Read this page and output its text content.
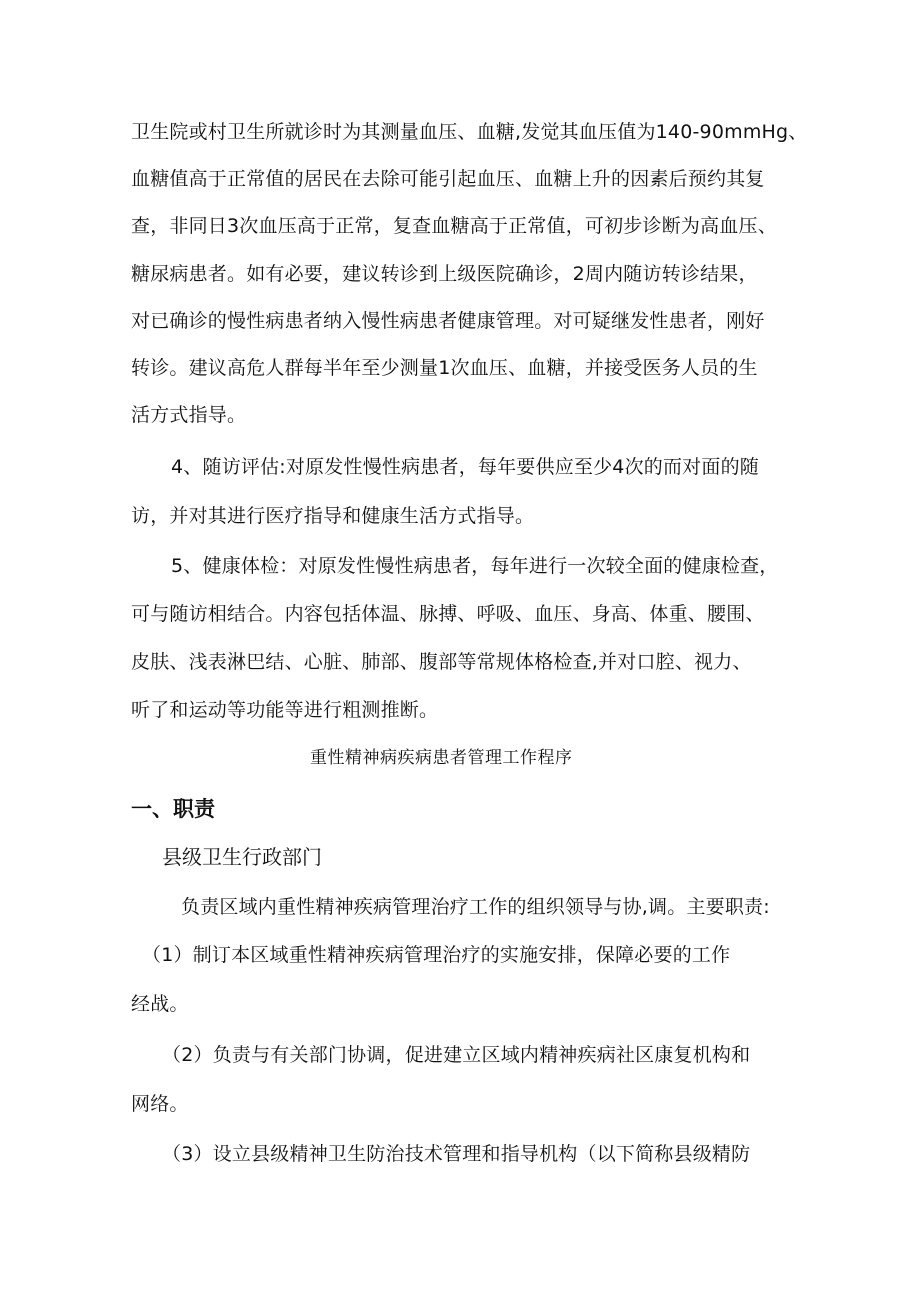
卫生院或村卫生所就诊时为其测量血压、血糖,发觉其血压值为140-90mmHg、
血糖值高于正常值的居民在去除可能引起血压、血糖上升的因素后预约其复
查，非同日3次血压高于正常，复查血糖高于正常值，可初步诊断为高血压、
糖尿病患者。如有必要，建议转诊到上级医院确诊，2周内随访转诊结果，
对已确诊的慢性病患者纳入慢性病患者健康管理。对可疑继发性患者，刚好
转诊。建议高危人群每半年至少测量1次血压、血糖，并接受医务人员的生
活方式指导。
4、随访评估:对原发性慢性病患者，每年要供应至少4次的而对面的随
访，并对其进行医疗指导和健康生活方式指导。
5、健康体检：对原发性慢性病患者，每年进行一次较全面的健康检查，
可与随访相结合。内容包括体温、脉搏、呼吸、血压、身高、体重、腰围、
皮肤、浅表淋巴结、心脏、肺部、腹部等常规体格检查,并对口腔、视力、
听了和运动等功能等进行粗测推断。
重性精神病疾病患者管理工作程序
一、职责
县级卫生行政部门
负责区域内重性精神疾病管理治疗工作的组织领导与协,调。主要职责:
（1）制订本区域重性精神疾病管理治疗的实施安排，保障必要的工作
经战。
（2）负责与有关部门协调，促进建立区域内精神疾病社区康复机构和
网络。
（3）设立县级精神卫生防治技术管理和指导机构（以下简称县级精防
